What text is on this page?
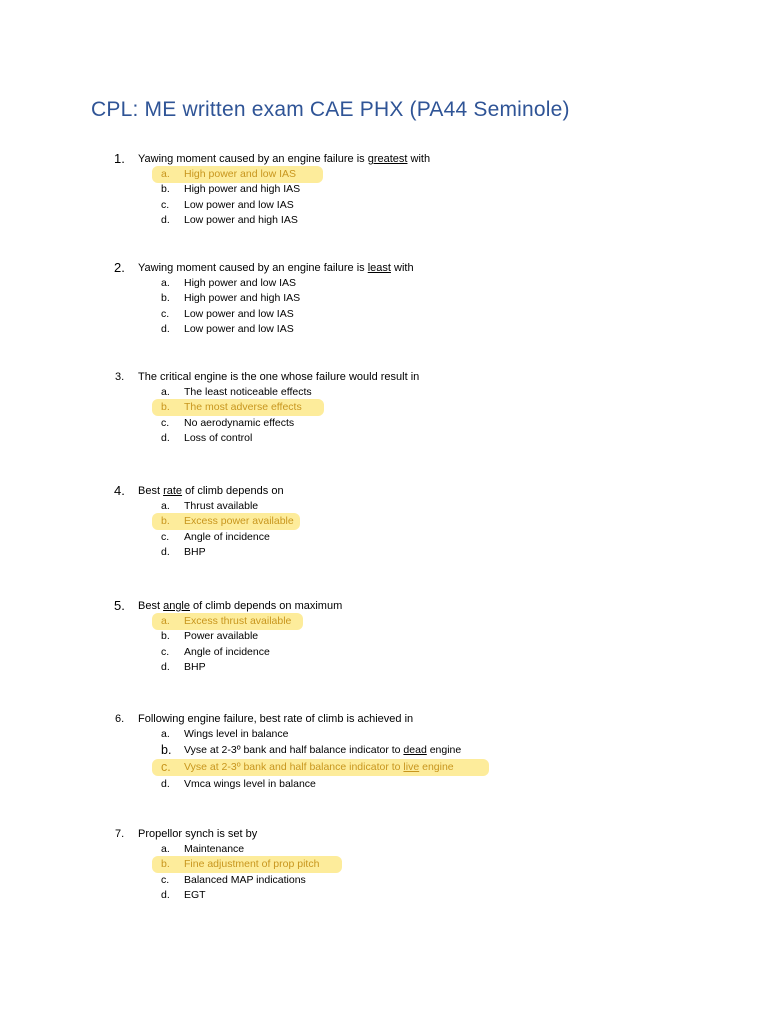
CPL: ME written exam CAE PHX (PA44 Seminole)
1. Yawing moment caused by an engine failure is greatest with
a. High power and low IAS
b. High power and high IAS
c. Low power and low IAS
d. Low power and high IAS
2. Yawing moment caused by an engine failure is least with
a. High power and low IAS
b. High power and high IAS
c. Low power and low IAS
d. Low power and low IAS
3. The critical engine is the one whose failure would result in
a. The least noticeable effects
b. The most adverse effects
c. No aerodynamic effects
d. Loss of control
4. Best rate of climb depends on
a. Thrust available
b. Excess power available
c. Angle of incidence
d. BHP
5. Best angle of climb depends on maximum
a. Excess thrust available
b. Power available
c. Angle of incidence
d. BHP
6. Following engine failure, best rate of climb is achieved in
a. Wings level in balance
b. Vyse at 2-3º bank and half balance indicator to dead engine
c. Vyse at 2-3º bank and half balance indicator to live engine
d. Vmca wings level in balance
7. Propellor synch is set by
a. Maintenance
b. Fine adjustment of prop pitch
c. Balanced MAP indications
d. EGT
